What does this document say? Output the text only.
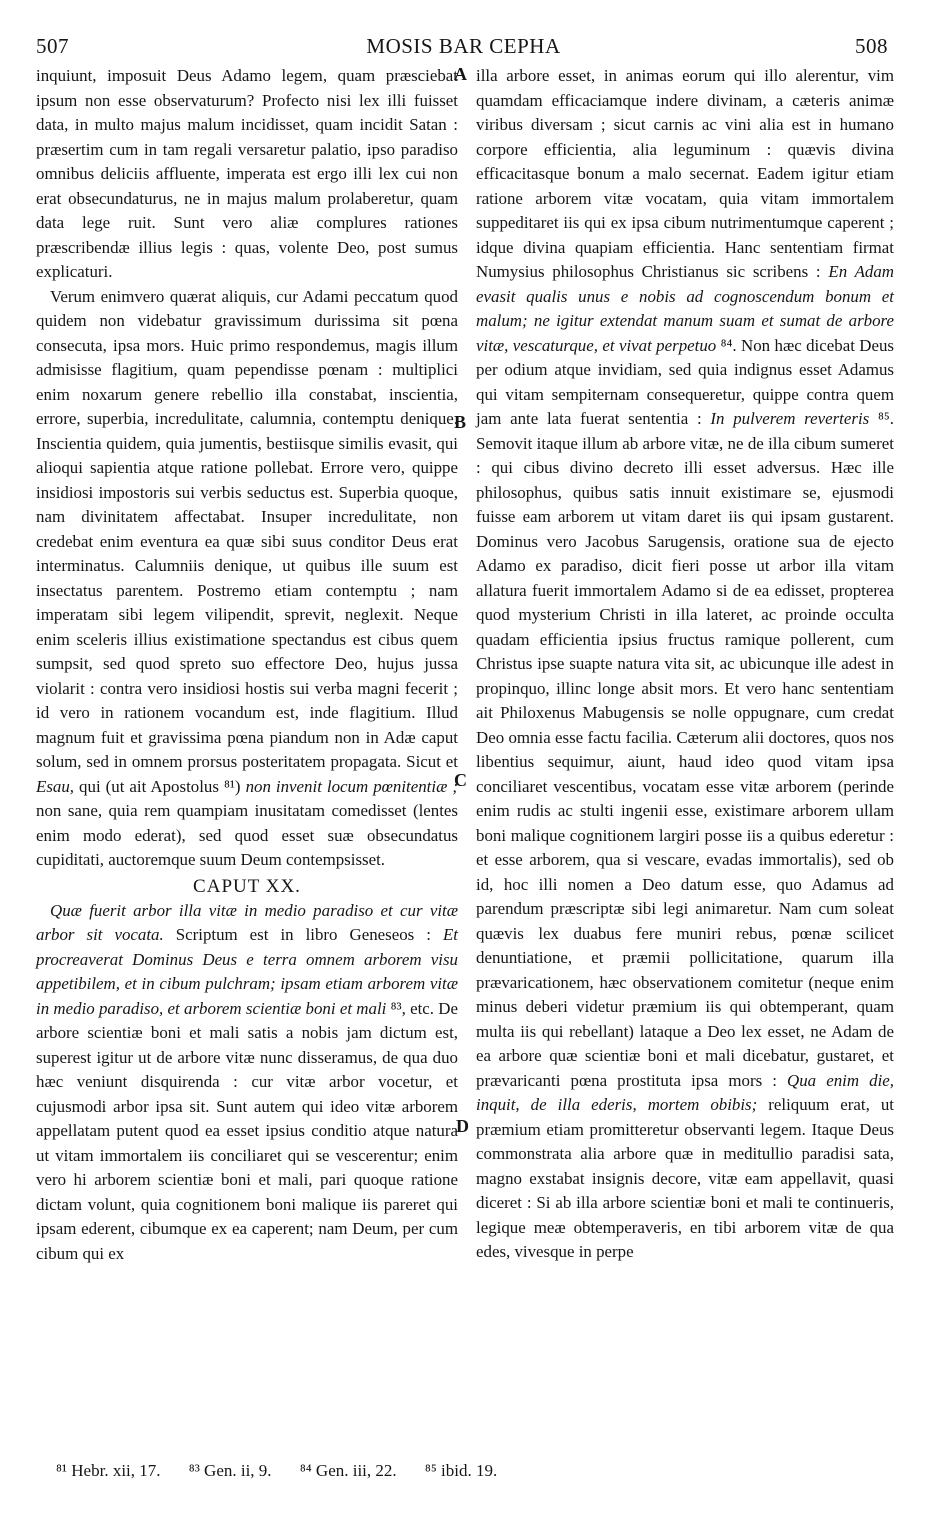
507	MOSIS BAR CEPHA	508
A
B
C
D

inquiunt, imposuit Deus Adamo legem, quam præsciebat ipsum non esse observaturum? Profecto nisi lex illi fuisset data, in multo majus malum incidisset, quam incidit Satan : præsertim cum in tam regali versaretur palatio, ipso paradiso omnibus deliciis affluente, imperata est ergo illi lex cui non erat obsecundaturus, ne in majus malum prolaberetur, quam data lege ruit. Sunt vero aliæ complures rationes præscribendæ illius legis : quas, volente Deo, post sumus explicaturi.

Verum enimvero quærat aliquis, cur Adami peccatum quod quidem non videbatur gravissimum durissima sit pœna consecuta, ipsa mors. Huic primo respondemus, magis illum admisisse flagitium, quam pependisse pœnam : multiplici enim noxarum genere rebellio illa constabat, inscientia, errore, superbia, incredulitate, calumnia, contemptu denique. Inscientia quidem, quia jumentis, bestiisque similis evasit, qui alioqui sapientia atque ratione pollebat. Errore vero, quippe insidiosi impostoris sui verbis seductus est. Superbia quoque, nam divinitatem affectabat. Insuper incredulitate, non credebat enim eventura ea quæ sibi suus conditor Deus erat interminatus. Calumniis denique, ut quibus ille suum est insectatus parentem. Postremo etiam contemptu ; nam imperatam sibi legem vilipendit, sprevit, neglexit. Neque enim sceleris illius existimatione spectandus est cibus quem sumpsit, sed quod spreto suo effectore Deo, hujus jussa violarit : contra vero insidiosi hostis sui verba magni fecerit ; id vero in rationem vocandum est, inde flagitium. Illud magnum fuit et gravissima pœna piandum non in Adæ caput solum, sed in omnem prorsus posteritatem propagata. Sicut et Esau, qui (ut ait Apostolus ⁸¹) non invenit locum pœnitentiæ ; non sane, quia rem quampiam inusitatam comedisset (lentes enim modo ederat), sed quod esset suæ obsecundatus cupiditati, auctoremque suum Deum contempsisset.

CAPUT XX.

Quæ fuerit arbor illa vitæ in medio paradiso et cur vitæ arbor sit vocata. Scriptum est in libro Geneseos : Et procreaverat Dominus Deus e terra omnem arborem visu appetibilem, et in cibum pulchram; ipsam etiam arborem vitæ in medio paradiso, et arborem scientiæ boni et mali ⁸³, etc. De arbore scientiæ boni et mali satis a nobis jam dictum est, superest igitur ut de arbore vitæ nunc disseramus, de qua duo hæc veniunt disquirenda : cur vitæ arbor vocetur, et cujusmodi arbor ipsa sit. Sunt autem qui ideo vitæ arborem appellatam putent quod ea esset ipsius conditio atque natura ut vitam immortalem iis conciliaret qui se vescerentur; enim vero hi arborem scientiæ boni et mali, pari quoque ratione dictam volunt, quia cognitionem boni malique iis pareret qui ipsam ederent, cibumque ex ea caperent; nam Deum, per cum cibum qui ex

illa arbore esset, in animas eorum qui illo alerentur, vim quamdam efficaciamque indere divinam, a cæteris animæ viribus diversam ; sicut carnis ac vini alia est in humano corpore efficientia, alia leguminum : quævis divina efficacitasque bonum a malo secernat. Eadem igitur etiam ratione arborem vitæ vocatam, quia vitam immortalem suppeditaret iis qui ex ipsa cibum nutrimentumque caperent ; idque divina quapiam efficientia. Hanc sententiam firmat Numysius philosophus Christianus sic scribens : En Adam evasit qualis unus e nobis ad cognoscendum bonum et malum; ne igitur extendat manum suam et sumat de arbore vitæ, vescaturque, et vivat perpetuo ⁸⁴. Non hæc dicebat Deus per odium atque invidiam, sed quia indignus esset Adamus qui vitam sempiternam consequeretur, quippe contra quem jam ante lata fuerat sententia : In pulverem reverteris ⁸⁵. Semovit itaque illum ab arbore vitæ, ne de illa cibum sumeret : qui cibus divino decreto illi esset adversus. Hæc ille philosophus, quibus satis innuit existimare se, ejusmodi fuisse eam arborem ut vitam daret iis qui ipsam gustarent. Dominus vero Jacobus Sarugensis, oratione sua de ejecto Adamo ex paradiso, dicit fieri posse ut arbor illa vitam allatura fuerit immortalem Adamo si de ea edisset, propterea quod mysterium Christi in illa lateret, ac proinde occulta quadam efficientia ipsius fructus ramique pollerent, cum Christus ipse suapte natura vita sit, ac ubicunque ille adest in propinquo, illinc longe absit mors. Et vero hanc sententiam ait Philoxenus Mabugensis se nolle oppugnare, cum credat Deo omnia esse factu facilia. Cæterum alii doctores, quos nos libentius sequimur, aiunt, haud ideo quod vitam ipsa conciliaret vescentibus, vocatam esse vitæ arborem (perinde enim rudis ac stulti ingenii esse, existimare arborem ullam boni malique cognitionem largiri posse iis a quibus ederetur : et esse arborem, qua si vescare, evadas immortalis), sed ob id, hoc illi nomen a Deo datum esse, quo Adamus ad parendum præscriptæ sibi legi animaretur. Nam cum soleat quævis lex duabus fere muniri rebus, pœnæ scilicet denuntiatione, et præmii pollicitatione, quarum illa prævaricationem, hæc observationem comitetur (neque enim minus deberi videtur præmium iis qui obtemperant, quam multa iis qui rebellant) lataque a Deo lex esset, ne Adam de ea arbore quæ scientiæ boni et mali dicebatur, gustaret, et prævaricanti pœna prostituta ipsa mors : Qua enim die, inquit, de illa ederis, mortem obibis; reliquum erat, ut præmium etiam promitteretur observanti legem. Itaque Deus commonstrata alia arbore quæ in meditullio paradisi sata, magno exstabat insignis decore, vitæ eam appellavit, quasi diceret : Si ab illa arbore scientiæ boni et mali te continueris, legique meæ obtemperaveris, en tibi arborem vitæ de qua edes, vivesque in perpe

⁸¹ Hebr. xii, 17. ⁸³ Gen. ii, 9. ⁸⁴ Gen. iii, 22. ⁸⁵ ibid. 19.
